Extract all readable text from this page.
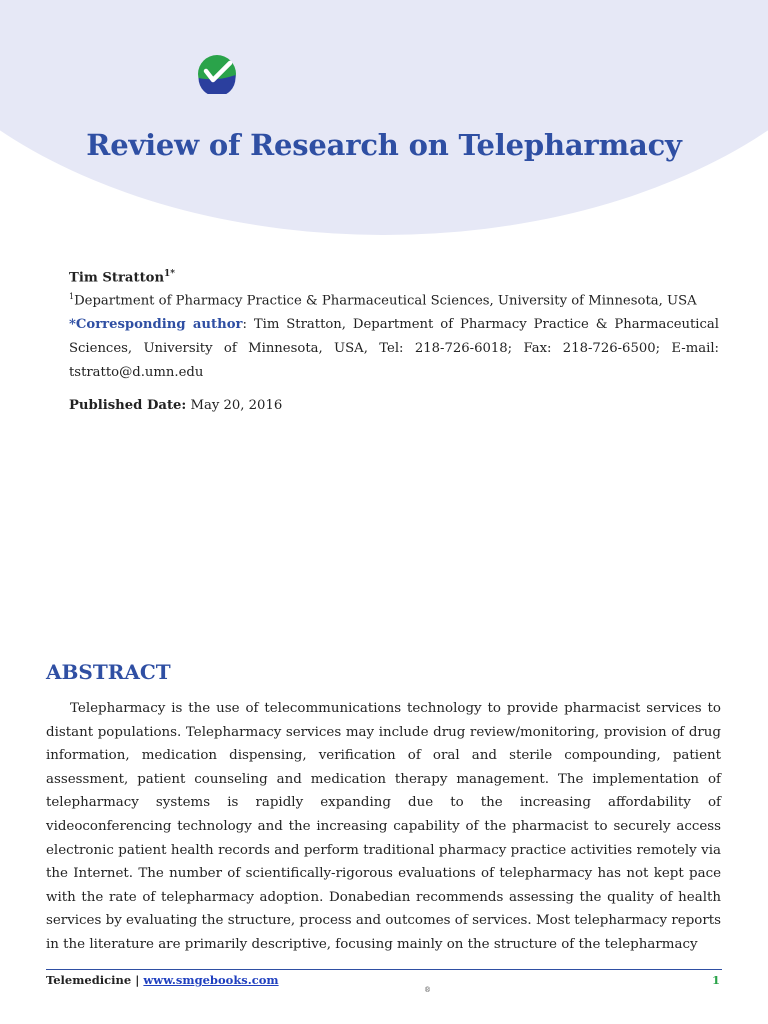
Review of Research on Telepharmacy
Tim Stratton$^{1*}$
$^1$Department of Pharmacy Practice & Pharmaceutical Sciences, University of Minnesota, USA
*Corresponding author: Tim Stratton, Department of Pharmacy Practice & Pharmaceutical Sciences, University of Minnesota, USA, Tel: 218-726-6018; Fax: 218-726-6500; E-mail: tstratto@d.umn.edu
Published Date: May 20, 2016
ABSTRACT

Telepharmacy is the use of telecommunications technology to provide pharmacist services to distant populations. Telepharmacy services may include drug review/monitoring, provision of drug information, medication dispensing, verification of oral and sterile compounding, patient assessment, patient counseling and medication therapy management. The implementation of telepharmacy systems is rapidly expanding due to the increasing affordability of videoconferencing technology and the increasing capability of the pharmacist to securely access electronic patient health records and perform traditional pharmacy practice activities remotely via the Internet. The number of scientifically-rigorous evaluations of telepharmacy has not kept pace with the rate of telepharmacy adoption. Donabedian recommends assessing the quality of health services by evaluating the structure, process and outcomes of services. Most telepharmacy reports in the literature are primarily descriptive, focusing mainly on the structure of the telepharmacy

Telemedicine | www.smgebooks.com	1
®
